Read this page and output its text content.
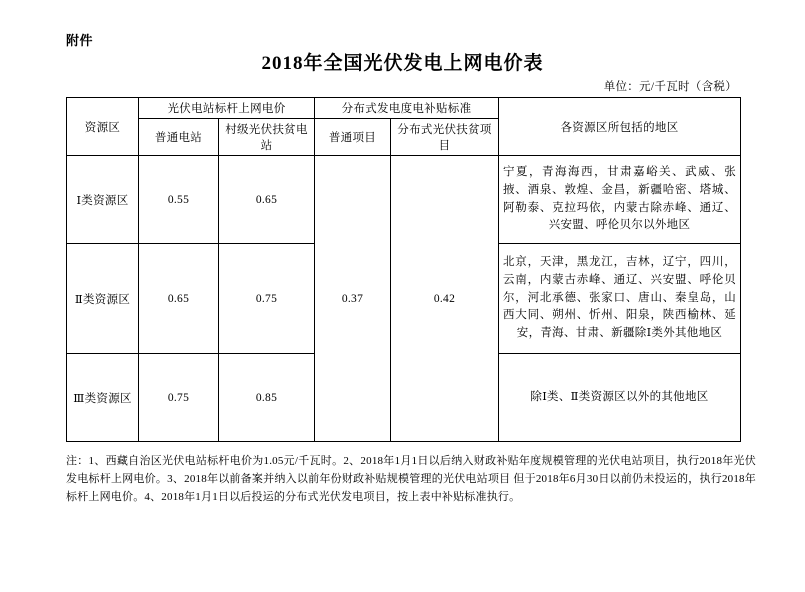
附件
2018年全国光伏发电上网电价表
单位：元/千瓦时（含税）
资源区	光伏电站标杆上网电价		分布式发电度电补贴标准		各资源区所包括的地区
	普通电站	村级光伏扶贫电站	普通项目	分布式光伏扶贫项目	
Ⅰ类资源区	0.55	0.65	0.37	0.42	宁夏，青海海西，甘肃嘉峪关、武威、张掖、酒泉、敦煌、金昌，新疆哈密、塔城、阿勒泰、克拉玛依，内蒙古除赤峰、通辽、兴安盟、呼伦贝尔以外地区

Ⅱ类资源区	0.65	0.75			北京，天津，黑龙江，吉林，辽宁，四川，云南，内蒙古赤峰、通辽、兴安盟、呼伦贝尔，河北承德、张家口、唐山、秦皇岛，山西大同、朔州、忻州、阳泉，陕西榆林、延安，青海、甘肃、新疆除Ⅰ类外其他地区

Ⅲ类资源区	0.75	0.85			除Ⅰ类、Ⅱ类资源区以外的其他地区
注：1、西藏自治区光伏电站标杆电价为1.05元/千瓦时。2、2018年1月1日以后纳入财政补贴年度规模管理的光伏电站项目，执行2018年光伏发电标杆上网电价。3、2018年以前备案并纳入以前年份财政补贴规模管理的光伏电站项目 但于2018年6月30日以前仍未投运的，执行2018年标杆上网电价。4、2018年1月1日以后投运的分布式光伏发电项目，按上表中补贴标准执行。
